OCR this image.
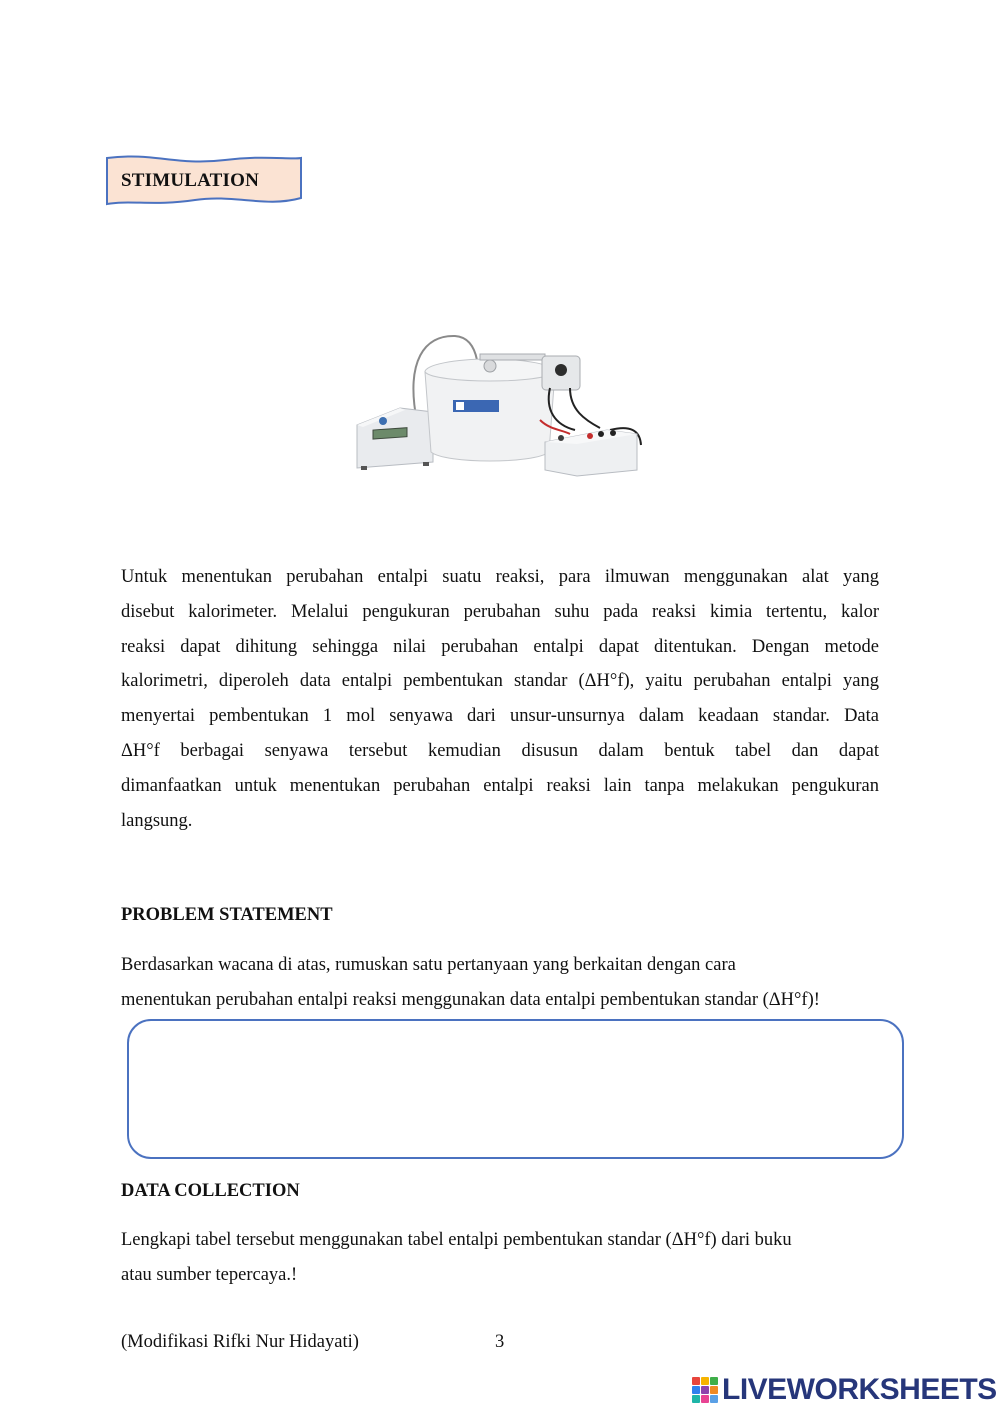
STIMULATION
Untuk menentukan perubahan entalpi suatu reaksi, para ilmuwan menggunakan alat yang
disebut kalorimeter. Melalui pengukuran perubahan suhu pada reaksi kimia tertentu, kalor
reaksi dapat dihitung sehingga nilai perubahan entalpi dapat ditentukan. Dengan metode
kalorimetri, diperoleh data entalpi pembentukan standar (ΔH°f), yaitu perubahan entalpi yang
menyertai pembentukan 1 mol senyawa dari unsur-unsurnya dalam keadaan standar. Data
ΔH°f berbagai senyawa tersebut kemudian disusun dalam bentuk tabel dan dapat
dimanfaatkan untuk menentukan perubahan entalpi reaksi lain tanpa melakukan pengukuran
langsung.
PROBLEM STATEMENT
Berdasarkan wacana di atas, rumuskan satu pertanyaan yang berkaitan dengan cara
menentukan perubahan entalpi reaksi menggunakan data entalpi pembentukan standar (ΔH°f)!
DATA COLLECTION
Lengkapi tabel tersebut menggunakan tabel entalpi pembentukan standar (ΔH°f) dari buku
atau sumber tepercaya.!
(Modifikasi Rifki Nur Hidayati)	3
LIVEWORKSHEETS
